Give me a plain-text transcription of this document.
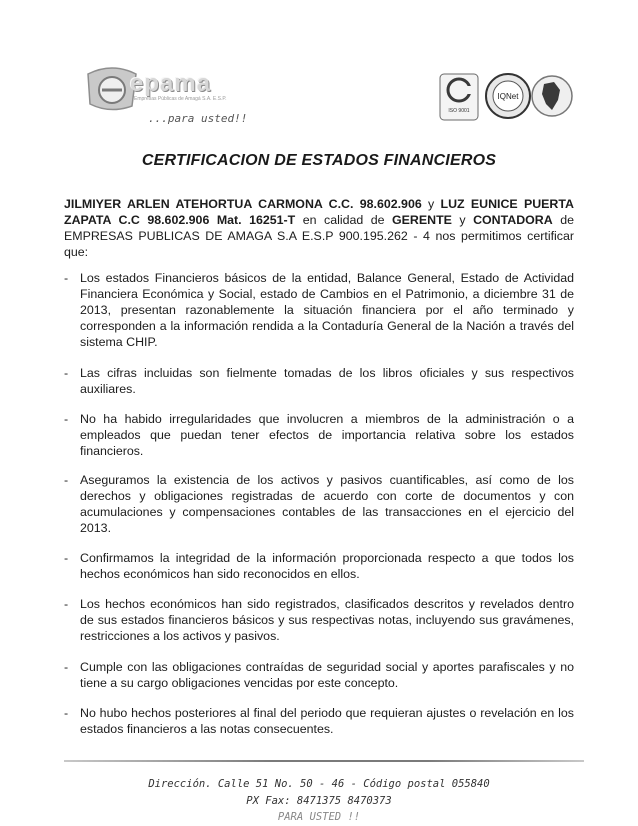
epama
Empresas Públicas de Amagá S.A. E.S.P.
...para usted!!
ISO 9001
IQNet
CERTIFICACION DE ESTADOS FINANCIEROS

JILMIYER ARLEN ATEHORTUA CARMONA C.C. 98.602.906 y LUZ EUNICE PUERTA ZAPATA C.C 98.602.906 Mat. 16251-T en calidad de GERENTE y CONTADORA de EMPRESAS PUBLICAS DE AMAGA S.A E.S.P 900.195.262 - 4 nos permitimos certificar que:

- Los estados Financieros básicos de la entidad, Balance General, Estado de Actividad Financiera Económica y Social, estado de Cambios en el Patrimonio, a diciembre 31 de 2013, presentan razonablemente la situación financiera por el año terminado y corresponden a la información rendida a la Contaduría General de la Nación a través del sistema CHIP.

- Las cifras incluidas son fielmente tomadas de los libros oficiales y sus respectivos auxiliares.

- No ha habido irregularidades que involucren a miembros de la administración o a empleados que puedan tener efectos de importancia relativa sobre los estados financieros.

- Aseguramos la existencia de los activos y pasivos cuantificables, así como de los derechos y obligaciones registradas de acuerdo con corte de documentos y con acumulaciones y compensaciones contables de las transacciones en el ejercicio del 2013.

- Confirmamos la integridad de la información proporcionada respecto a que todos los hechos económicos han sido reconocidos en ellos.

- Los hechos económicos han sido registrados, clasificados descritos y revelados dentro de sus estados financieros básicos y sus respectivas notas, incluyendo sus gravámenes, restricciones a los activos y pasivos.

- Cumple con las obligaciones contraídas de seguridad social y aportes parafiscales y no tiene a su cargo obligaciones vencidas por este concepto.

- No hubo hechos posteriores al final del periodo que requieran ajustes o revelación en los estados financieros a las notas consecuentes.

Dirección. Calle 51 No. 50 - 46 - Código postal 055840
PX Fax: 8471375 8470373
PARA USTED !!
